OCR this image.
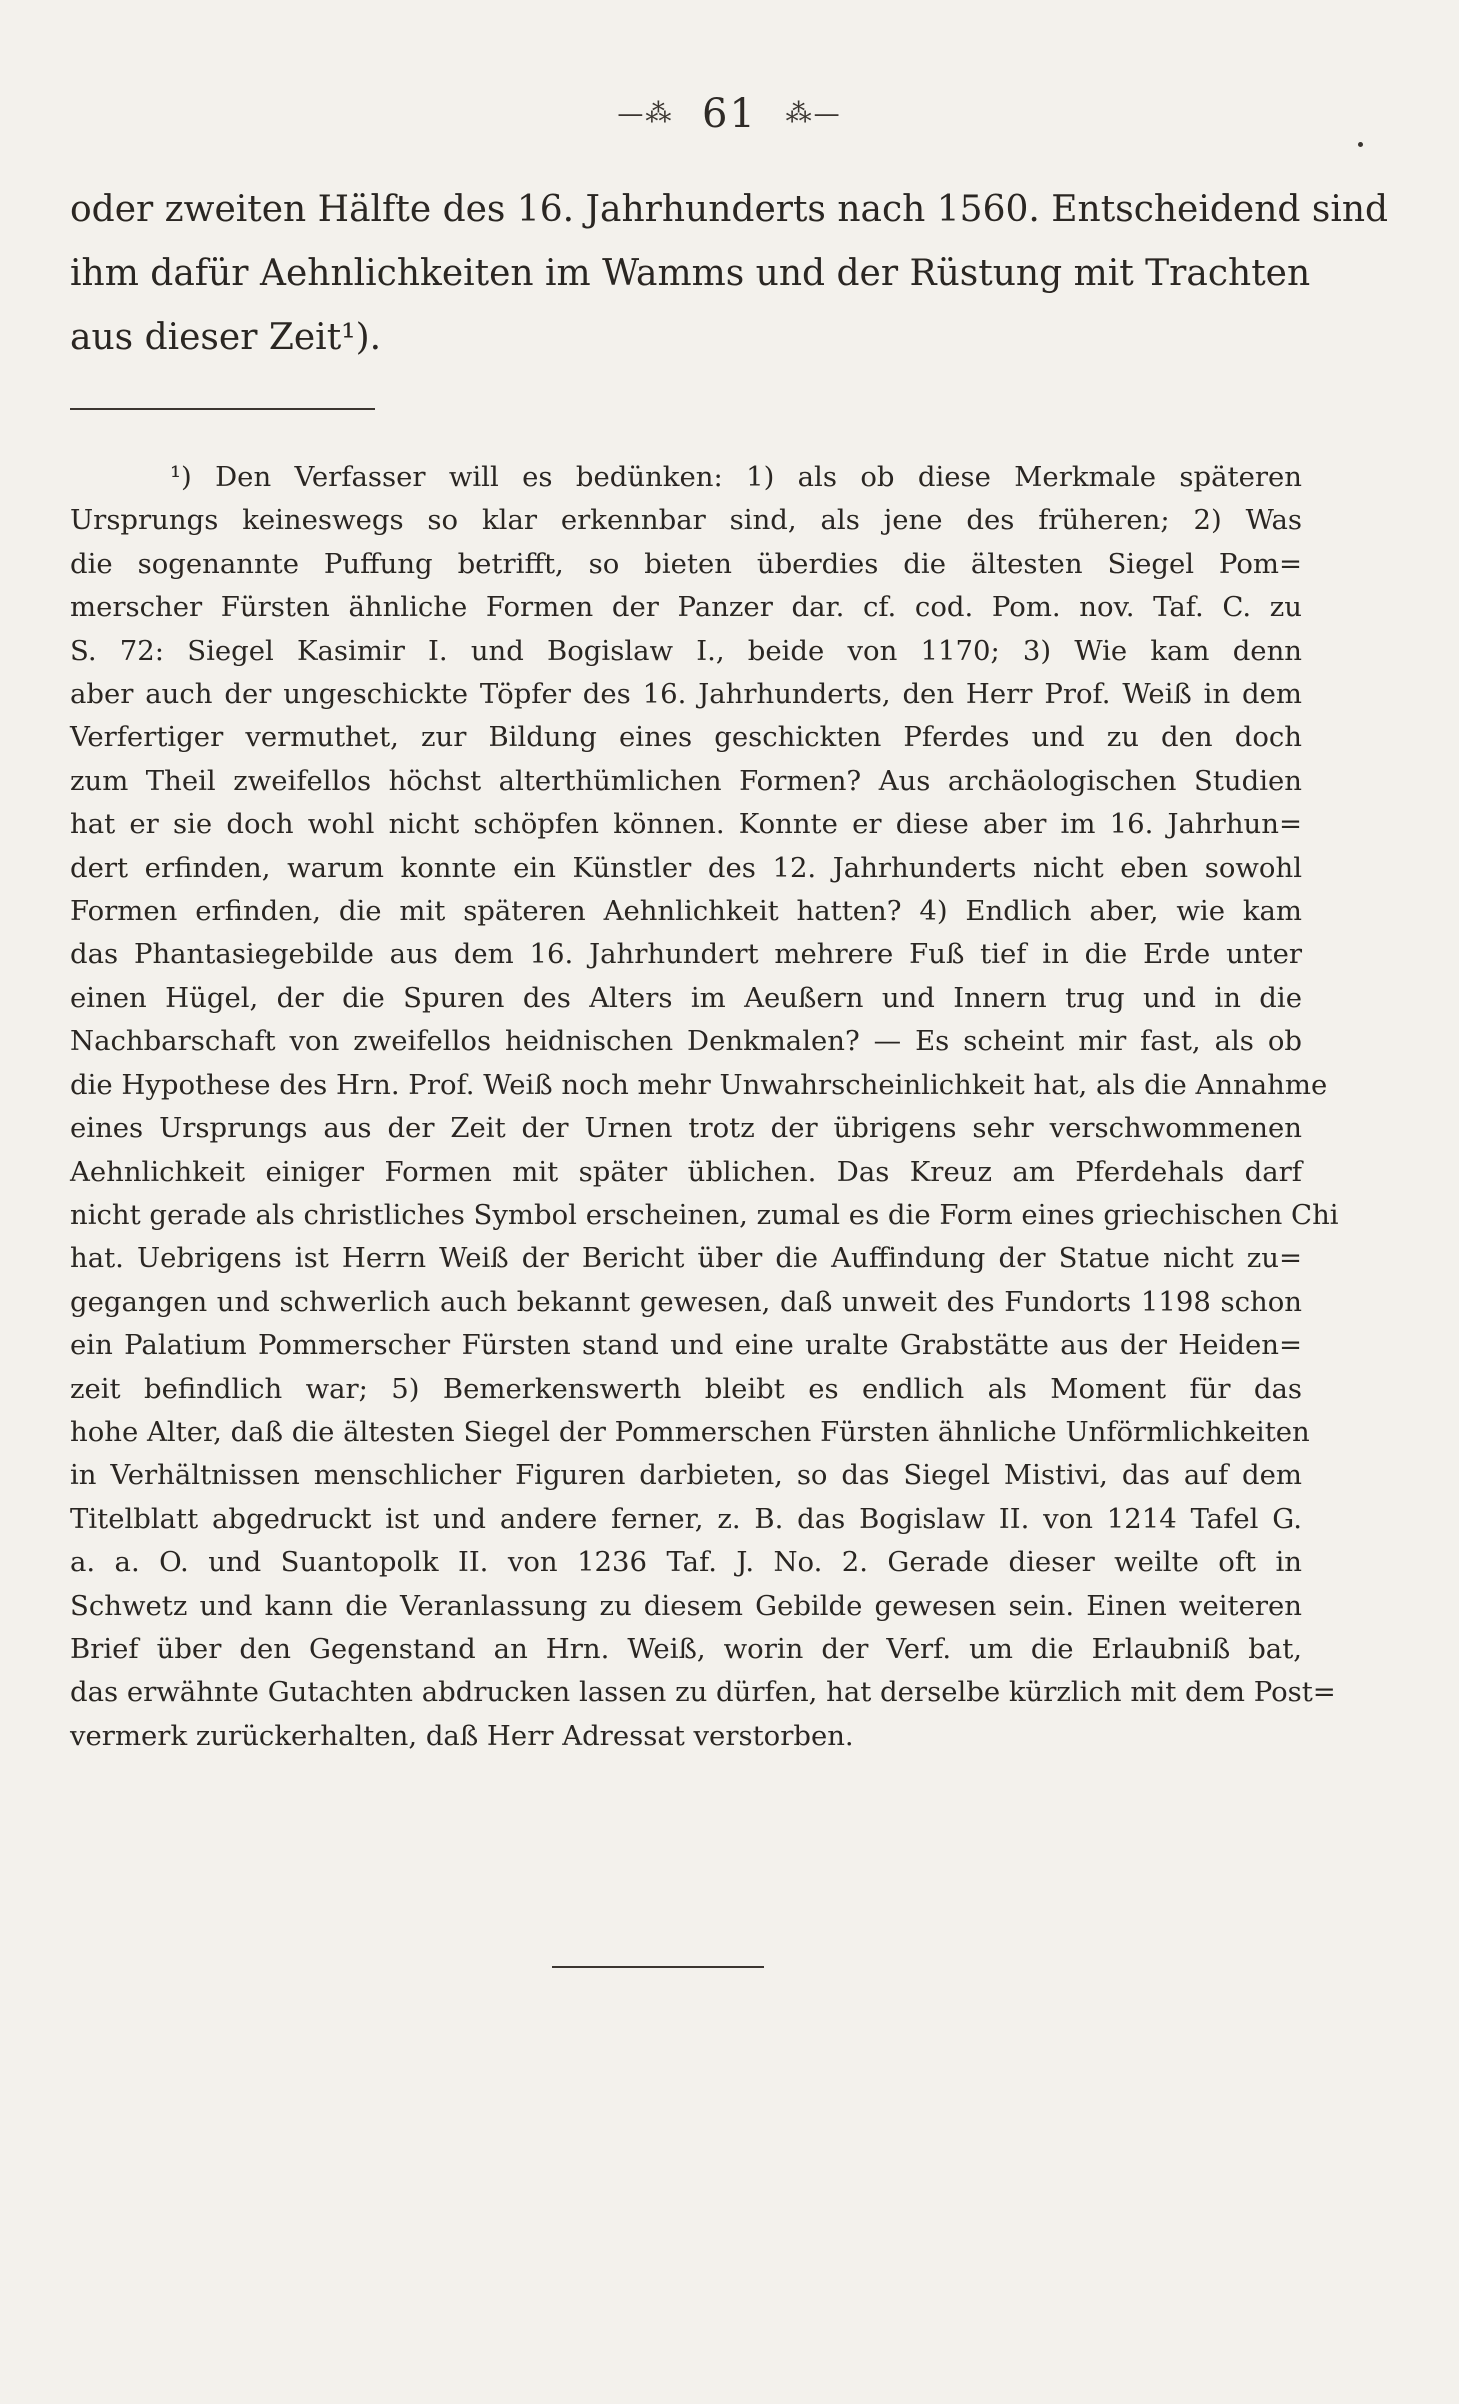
—⁂ 61 ⁂—
oder zweiten Hälfte des 16. Jahrhunderts nach 1560. Entscheidend sind
ihm dafür Aehnlichkeiten im Wamms und der Rüstung mit Trachten
aus dieser Zeit¹).
¹) Den Verfasser will es bedünken: 1) als ob diese Merkmale späteren
Ursprungs keineswegs so klar erkennbar sind, als jene des früheren; 2) Was
die sogenannte Puffung betrifft, so bieten überdies die ältesten Siegel Pom=
merscher Fürsten ähnliche Formen der Panzer dar. cf. cod. Pom. nov. Taf. C. zu
S. 72: Siegel Kasimir I. und Bogislaw I., beide von 1170; 3) Wie kam denn
aber auch der ungeschickte Töpfer des 16. Jahrhunderts, den Herr Prof. Weiß in dem
Verfertiger vermuthet, zur Bildung eines geschickten Pferdes und zu den doch
zum Theil zweifellos höchst alterthümlichen Formen? Aus archäologischen Studien
hat er sie doch wohl nicht schöpfen können. Konnte er diese aber im 16. Jahrhun=
dert erfinden, warum konnte ein Künstler des 12. Jahrhunderts nicht eben sowohl
Formen erfinden, die mit späteren Aehnlichkeit hatten? 4) Endlich aber, wie kam
das Phantasiegebilde aus dem 16. Jahrhundert mehrere Fuß tief in die Erde unter
einen Hügel, der die Spuren des Alters im Aeußern und Innern trug und in die
Nachbarschaft von zweifellos heidnischen Denkmalen? — Es scheint mir fast, als ob
die Hypothese des Hrn. Prof. Weiß noch mehr Unwahrscheinlichkeit hat, als die Annahme
eines Ursprungs aus der Zeit der Urnen trotz der übrigens sehr verschwommenen
Aehnlichkeit einiger Formen mit später üblichen. Das Kreuz am Pferdehals darf
nicht gerade als christliches Symbol erscheinen, zumal es die Form eines griechischen Chi
hat. Uebrigens ist Herrn Weiß der Bericht über die Auffindung der Statue nicht zu=
gegangen und schwerlich auch bekannt gewesen, daß unweit des Fundorts 1198 schon
ein Palatium Pommerscher Fürsten stand und eine uralte Grabstätte aus der Heiden=
zeit befindlich war; 5) Bemerkenswerth bleibt es endlich als Moment für das
hohe Alter, daß die ältesten Siegel der Pommerschen Fürsten ähnliche Unförmlichkeiten
in Verhältnissen menschlicher Figuren darbieten, so das Siegel Mistivi, das auf dem
Titelblatt abgedruckt ist und andere ferner, z. B. das Bogislaw II. von 1214 Tafel G.
a. a. O. und Suantopolk II. von 1236 Taf. J. No. 2. Gerade dieser weilte oft in
Schwetz und kann die Veranlassung zu diesem Gebilde gewesen sein. Einen weiteren
Brief über den Gegenstand an Hrn. Weiß, worin der Verf. um die Erlaubniß bat,
das erwähnte Gutachten abdrucken lassen zu dürfen, hat derselbe kürzlich mit dem Post=
vermerk zurückerhalten, daß Herr Adressat verstorben.
